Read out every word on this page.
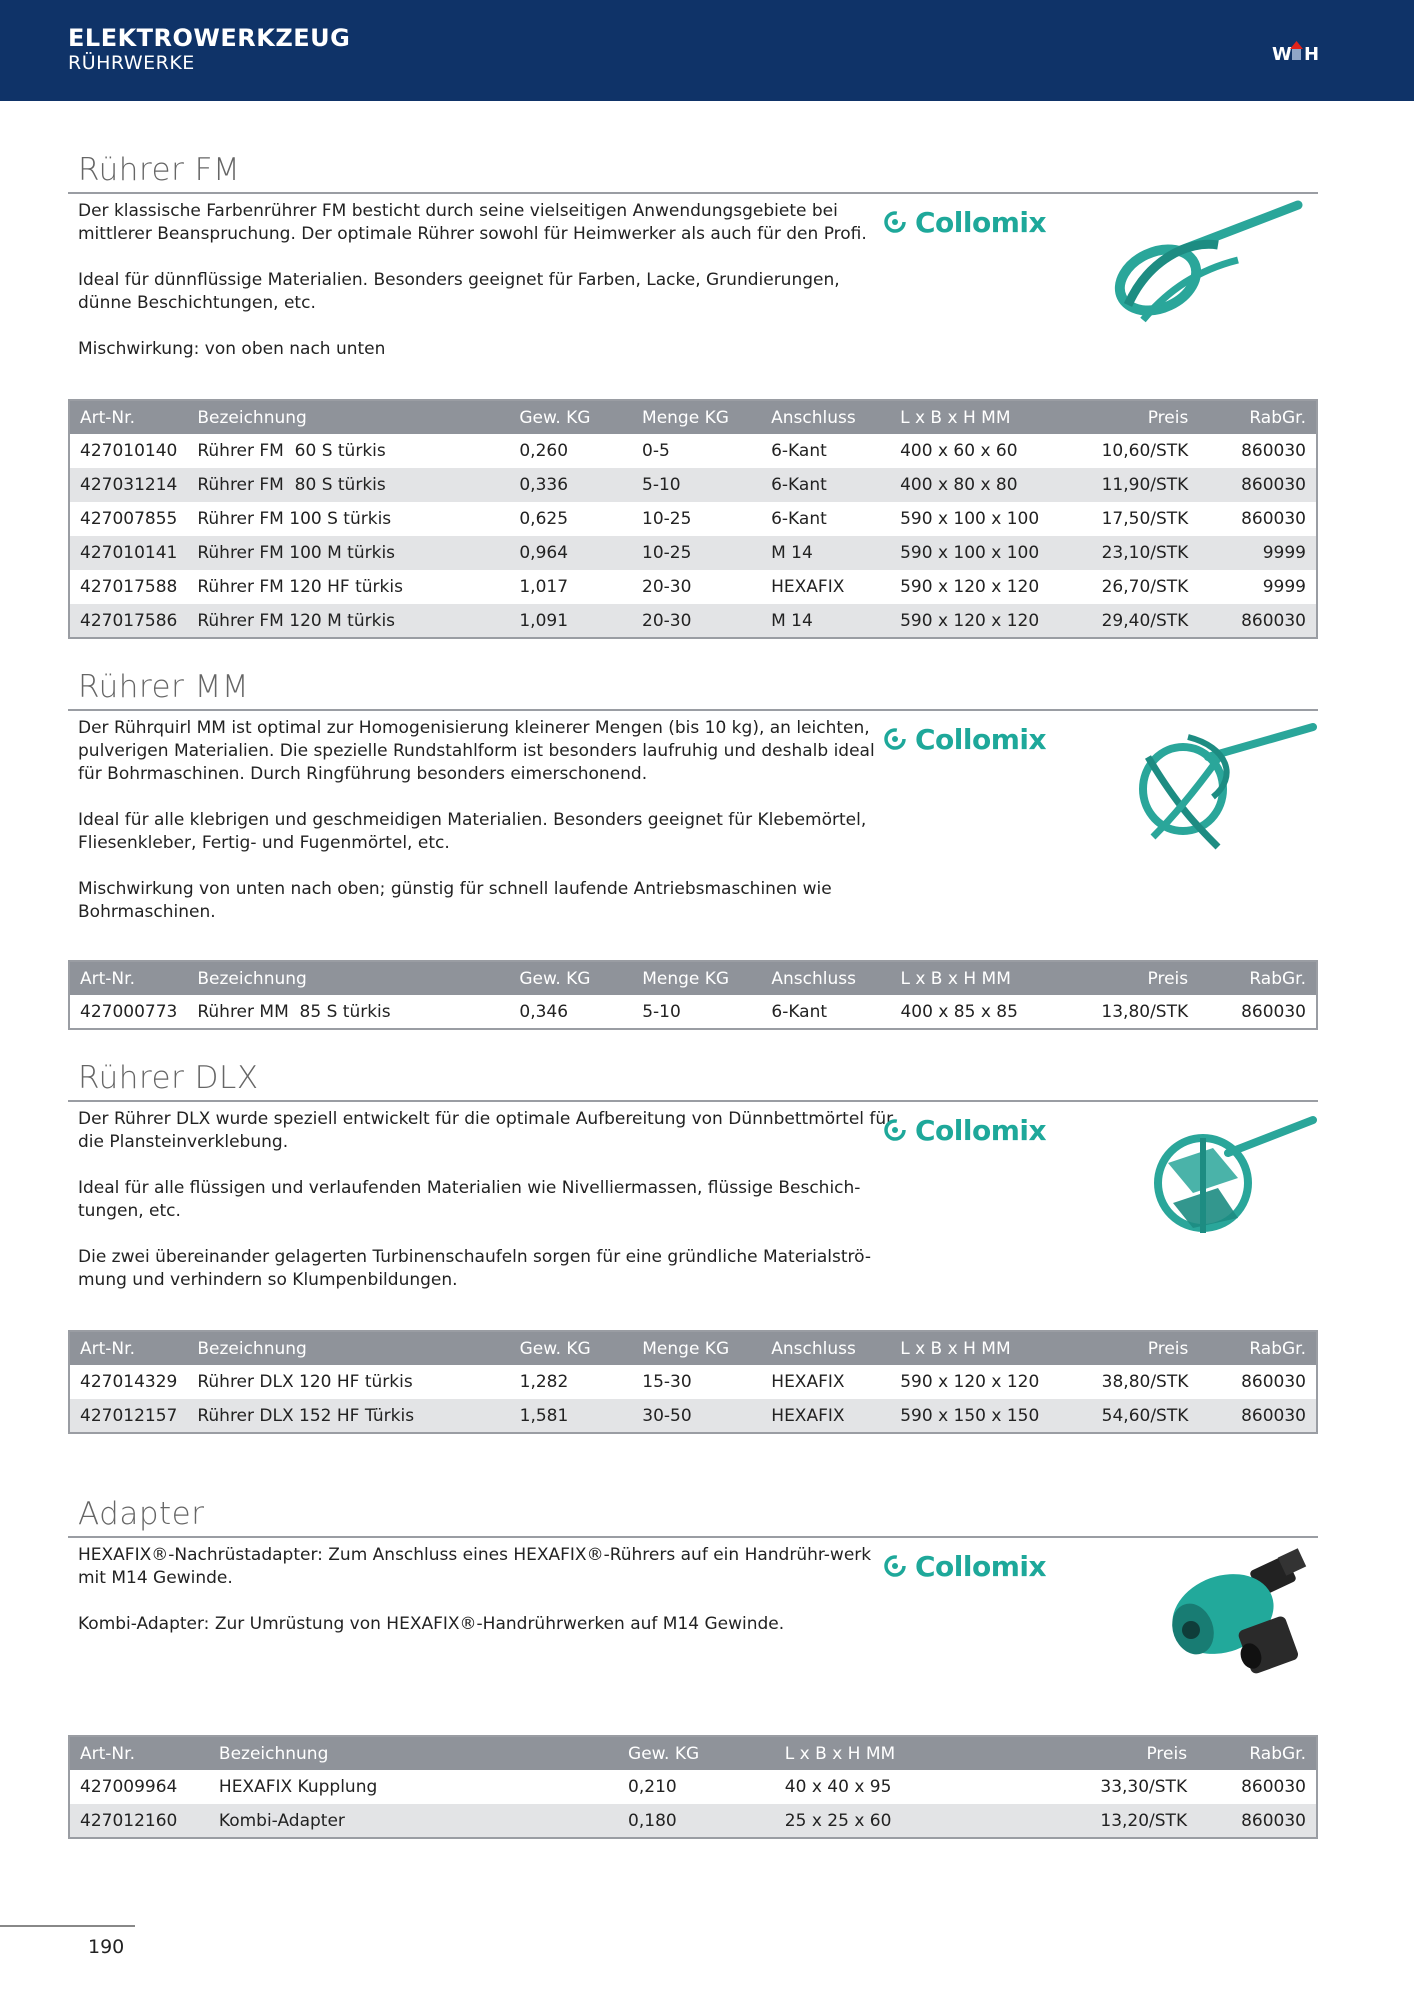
ELEKTROWERKZEUG
RÜHRWERKE	W H
Rührer FM

Der klassische Farbenrührer FM besticht durch seine vielseitigen Anwendungsgebiete bei mittlerer Beanspruchung. Der optimale Rührer sowohl für Heimwerker als auch für den Profi.

Ideal für dünnflüssige Materialien. Besonders geeignet für Farben, Lacke, Grundierungen, dünne Beschichtungen, etc.

Mischwirkung: von oben nach unten

Collomix
Art-Nr.	Bezeichnung	Gew. KG	Menge KG	Anschluss	L x B x H MM	Preis	RabGr.
427010140	Rührer FM  60 S türkis	0,260	0-5	6-Kant	400 x 60 x 60	10,60/STK	860030
427031214	Rührer FM  80 S türkis	0,336	5-10	6-Kant	400 x 80 x 80	11,90/STK	860030
427007855	Rührer FM 100 S türkis	0,625	10-25	6-Kant	590 x 100 x 100	17,50/STK	860030
427010141	Rührer FM 100 M türkis	0,964	10-25	M 14	590 x 100 x 100	23,10/STK	9999
427017588	Rührer FM 120 HF türkis	1,017	20-30	HEXAFIX	590 x 120 x 120	26,70/STK	9999
427017586	Rührer FM 120 M türkis	1,091	20-30	M 14	590 x 120 x 120	29,40/STK	860030
Rührer MM

Der Rührquirl MM ist optimal zur Homogenisierung kleinerer Mengen (bis 10 kg), an leichten, pulverigen Materialien. Die spezielle Rundstahlform ist besonders laufruhig und deshalb ideal für Bohrmaschinen. Durch Ringführung besonders eimerschonend.

Ideal für alle klebrigen und geschmeidigen Materialien. Besonders geeignet für Klebemörtel, Fliesenkleber, Fertig- und Fugenmörtel, etc.

Mischwirkung von unten nach oben; günstig für schnell laufende Antriebsmaschinen wie Bohrmaschinen.

Collomix
Art-Nr.	Bezeichnung	Gew. KG	Menge KG	Anschluss	L x B x H MM	Preis	RabGr.
427000773	Rührer MM  85 S türkis	0,346	5-10	6-Kant	400 x 85 x 85	13,80/STK	860030
Rührer DLX

Der Rührer DLX wurde speziell entwickelt für die optimale Aufbereitung von Dünnbettmörtel für die Plansteinverklebung.

Ideal für alle flüssigen und verlaufenden Materialien wie Nivelliermassen, flüssige Beschich-tungen, etc.

Die zwei übereinander gelagerten Turbinenschaufeln sorgen für eine gründliche Materialströ-mung und verhindern so Klumpenbildungen.

Collomix
Art-Nr.	Bezeichnung	Gew. KG	Menge KG	Anschluss	L x B x H MM	Preis	RabGr.
427014329	Rührer DLX 120 HF türkis	1,282	15-30	HEXAFIX	590 x 120 x 120	38,80/STK	860030
427012157	Rührer DLX 152 HF Türkis	1,581	30-50	HEXAFIX	590 x 150 x 150	54,60/STK	860030
Adapter

HEXAFIX®-Nachrüstadapter: Zum Anschluss eines HEXAFIX®-Rührers auf ein Handrühr-werk mit M14 Gewinde.

Kombi-Adapter: Zur Umrüstung von HEXAFIX®-Handrührwerken auf M14 Gewinde.

Collomix
Art-Nr.	Bezeichnung	Gew. KG	L x B x H MM	Preis	RabGr.
427009964	HEXAFIX Kupplung	0,210	40 x 40 x 95	33,30/STK	860030
427012160	Kombi-Adapter	0,180	25 x 25 x 60	13,20/STK	860030
190
